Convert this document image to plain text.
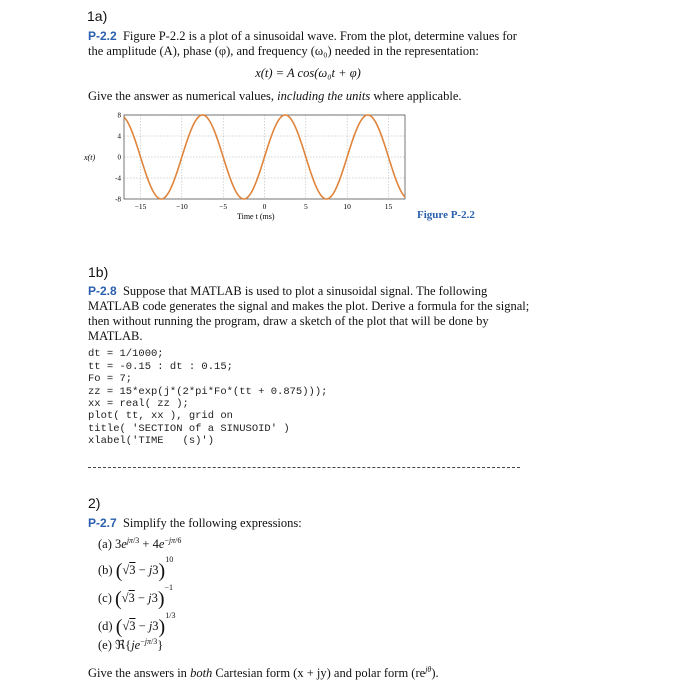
1a)
P-2.2 Figure P-2.2 is a plot of a sinusoidal wave. From the plot, determine values for
the amplitude (A), phase (φ), and frequency (ω₀) needed in the representation:
x(t) = A cos(ω₀t + φ)
Give the answer as numerical values, including the units where applicable.
8
4
0
-4
-8
−15	−10	−5	0	5	10	15
x(t)
Time t (ms)	Figure P-2.2
1b)
P-2.8 Suppose that MATLAB is used to plot a sinusoidal signal. The following
MATLAB code generates the signal and makes the plot. Derive a formula for the signal;
then without running the program, draw a sketch of the plot that will be done by MATLAB.

dt = 1/1000;
tt = -0.15 : dt : 0.15;
Fo = 7;
zz = 15*exp(j*(2*pi*Fo*(tt + 0.875)));
xx = real( zz );
plot( tt, xx ), grid on
title( 'SECTION of a SINUSOID' )
xlabel('TIME   (s)')

2)
P-2.7 Simplify the following expressions:
(a) $3e^{j\pi/3} + 4e^{-j\pi/6}$
(b) $(√3 - j3)^{10}$
(c) $(√3 - j3)^{-1}$
(d) $(√3 - j3)^{1/3}$
(e) $ℜ\{je^{-j\pi/3}\}$
Give the answers in both Cartesian form (x + jy) and polar form $(re^{j\theta})$.
